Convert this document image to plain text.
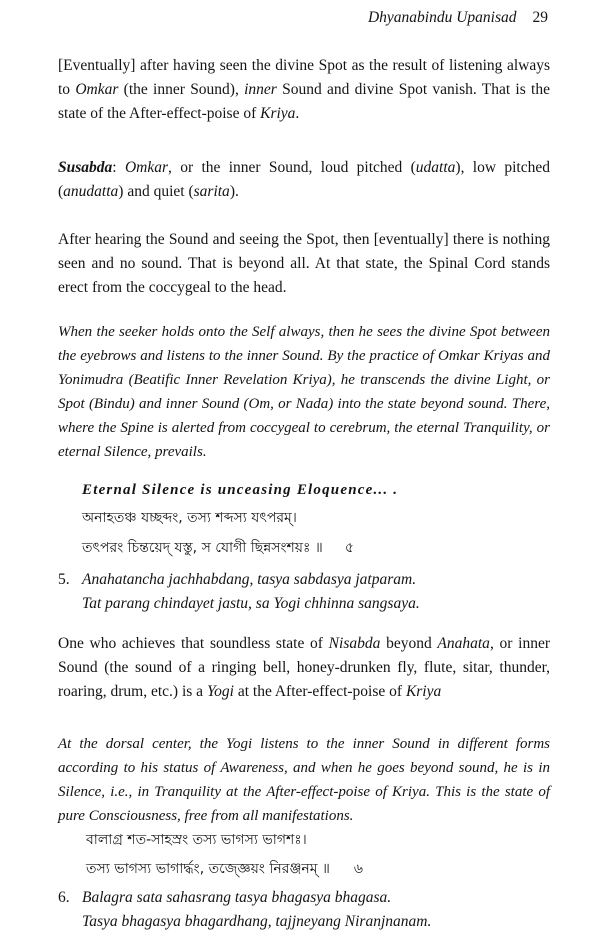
Dhyanabindu Upanisad 29

[Eventually] after having seen the divine Spot as the result of listening always to Omkar (the inner Sound), inner Sound and divine Spot vanish. That is the state of the After-effect-poise of Kriya.

Susabda: Omkar, or the inner Sound, loud pitched (udatta), low pitched (anudatta) and quiet (sarita).

After hearing the Sound and seeing the Spot, then [eventually] there is nothing seen and no sound. That is beyond all. At that state, the Spinal Cord stands erect from the coccygeal to the head.

When the seeker holds onto the Self always, then he sees the divine Spot between the eyebrows and listens to the inner Sound. By the practice of Omkar Kriyas and Yonimudra (Beatific Inner Revelation Kriya), he transcends the divine Light, or Spot (Bindu) and inner Sound (Om, or Nada) into the state beyond sound. There, where the Spine is alerted from coccygeal to cerebrum, the eternal Tranquility, or eternal Silence, prevails.

Eternal Silence is unceasing Eloquence... .
অনাহতঞ্চ যচ্ছব্দং, তস্য শব্দস্য যৎপরম্।
তৎপরং চিন্তয়েদ্ যস্তু, স যোগী ছিন্নসংশয়ঃ ॥ ৫
5. Anahatancha jachhabdang, tasya sabdasya jatparam.
Tat parang chindayet jastu, sa Yogi chhinna sangsaya.

One who achieves that soundless state of Nisabda beyond Anahata, or inner Sound (the sound of a ringing bell, honey-drunken fly, flute, sitar, thunder, roaring, drum, etc.) is a Yogi at the After-effect-poise of Kriya

At the dorsal center, the Yogi listens to the inner Sound in different forms according to his status of Awareness, and when he goes beyond sound, he is in Silence, i.e., in Tranquility at the After-effect-poise of Kriya. This is the state of pure Consciousness, free from all manifestations.

বালাগ্র শত-সাহস্রং তস্য ভাগস্য ভাগশঃ।
তস্য ভাগস্য ভাগার্দ্ধং, তজ্জ্ঞেয়ং নিরঞ্জনম্ ॥ ৬
6. Balagra sata sahasrang tasya bhagasya bhagasa.
Tasya bhagasya bhagardhang, tajjneyang Niranjnanam.
